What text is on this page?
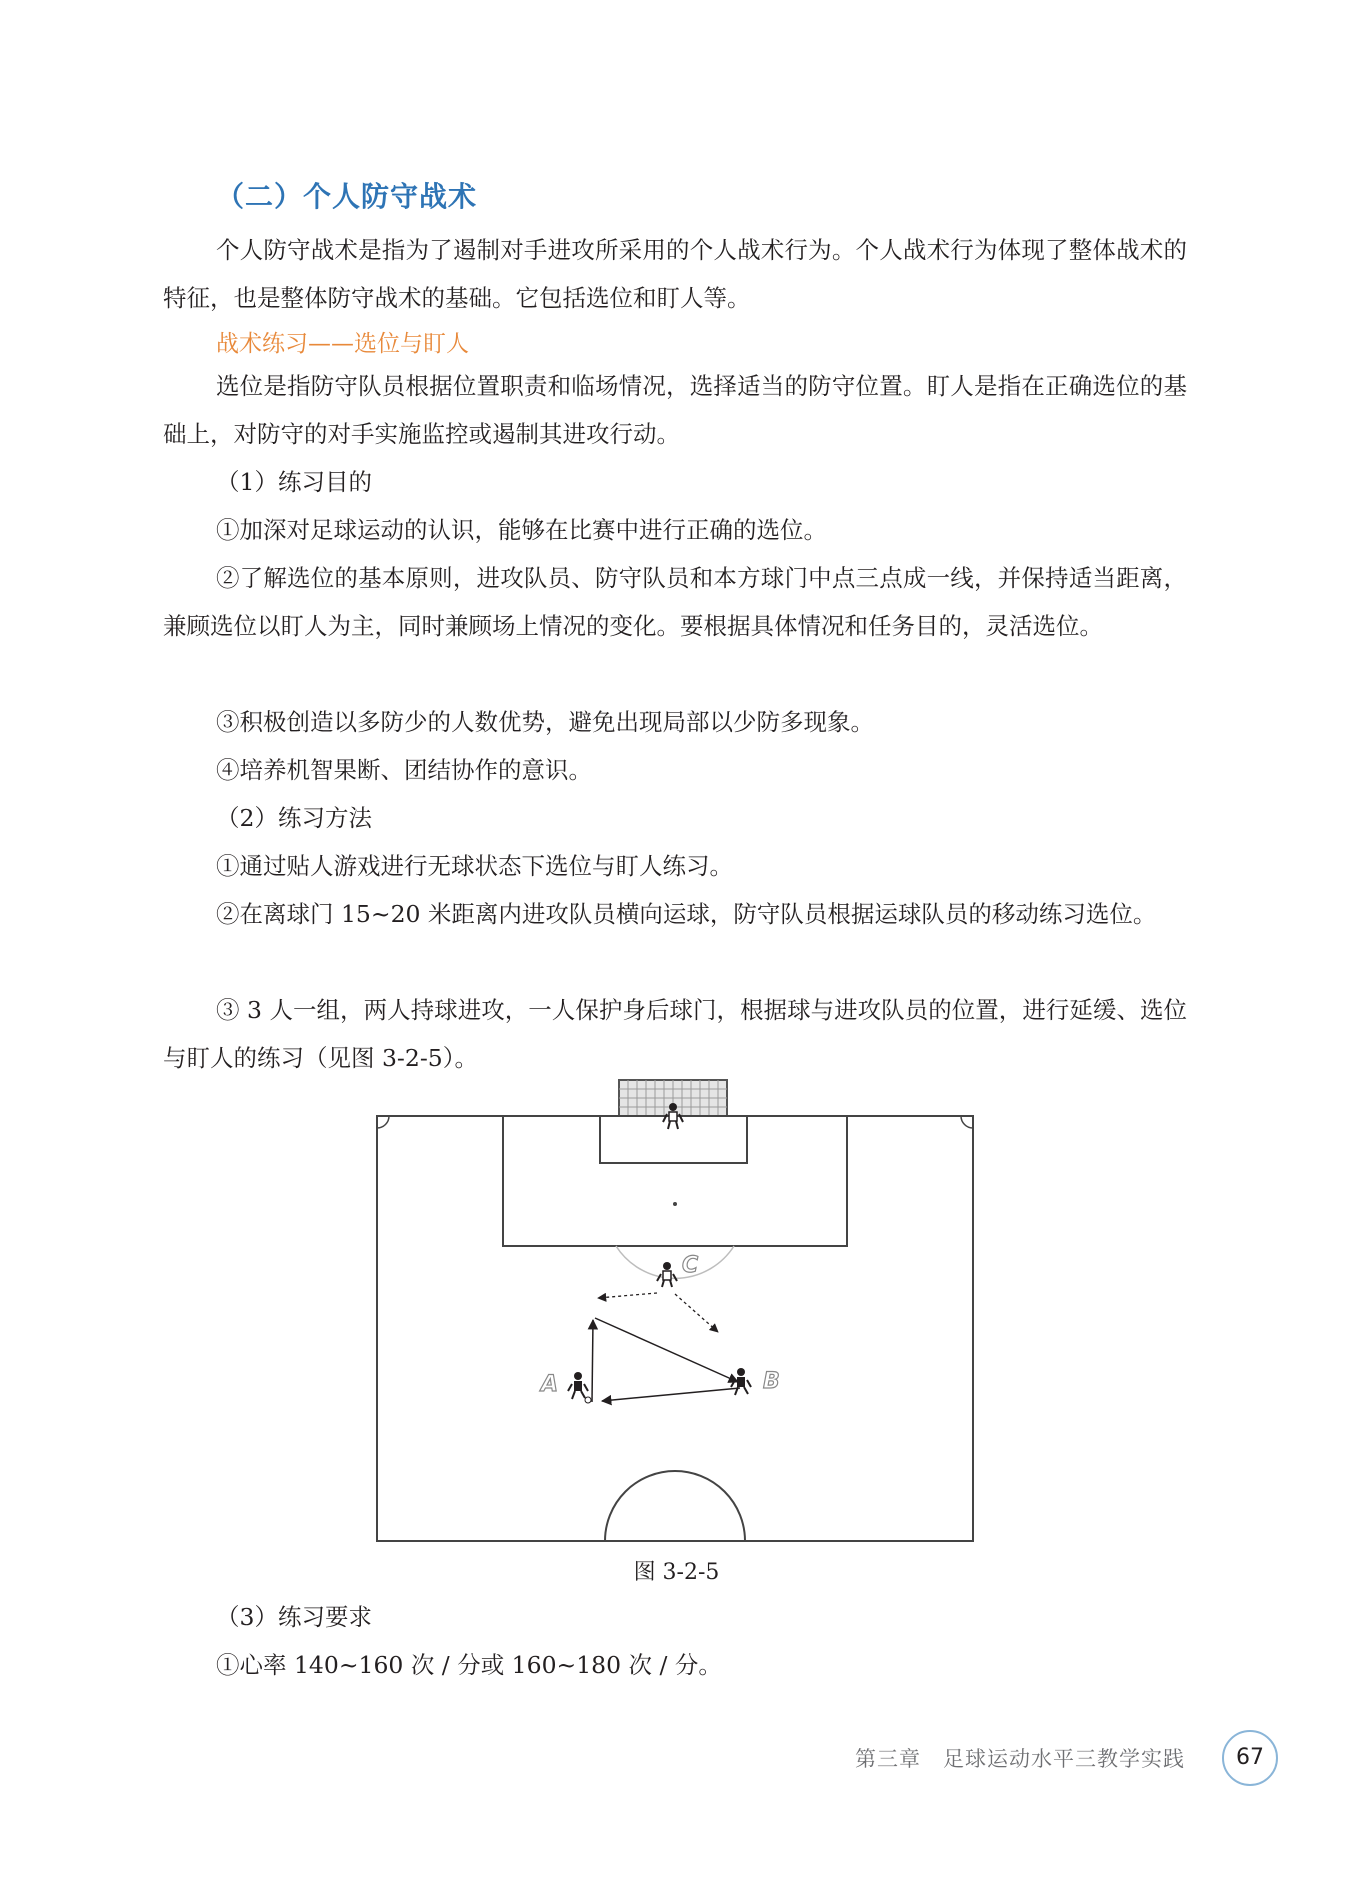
（二）个人防守战术

个人防守战术是指为了遏制对手进攻所采用的个人战术行为。个人战术行为体现了整体战术的特征，也是整体防守战术的基础。它包括选位和盯人等。

战术练习——选位与盯人

选位是指防守队员根据位置职责和临场情况，选择适当的防守位置。盯人是指在正确选位的基础上，对防守的对手实施监控或遏制其进攻行动。

（1）练习目的

①加深对足球运动的认识，能够在比赛中进行正确的选位。

②了解选位的基本原则，进攻队员、防守队员和本方球门中点三点成一线，并保持适当距离，兼顾选位以盯人为主，同时兼顾场上情况的变化。要根据具体情况和任务目的，灵活选位。

③积极创造以多防少的人数优势，避免出现局部以少防多现象。

④培养机智果断、团结协作的意识。

（2）练习方法

①通过贴人游戏进行无球状态下选位与盯人练习。

②在离球门 15~20 米距离内进攻队员横向运球，防守队员根据运球队员的移动练习选位。

③ 3 人一组，两人持球进攻，一人保护身后球门，根据球与进攻队员的位置，进行延缓、选位与盯人的练习（见图 3-2-5）。

C
A	B
图 3-2-5

（3）练习要求

①心率 140~160 次 / 分或 160~180 次 / 分。

第三章　足球运动水平三教学实践	67
